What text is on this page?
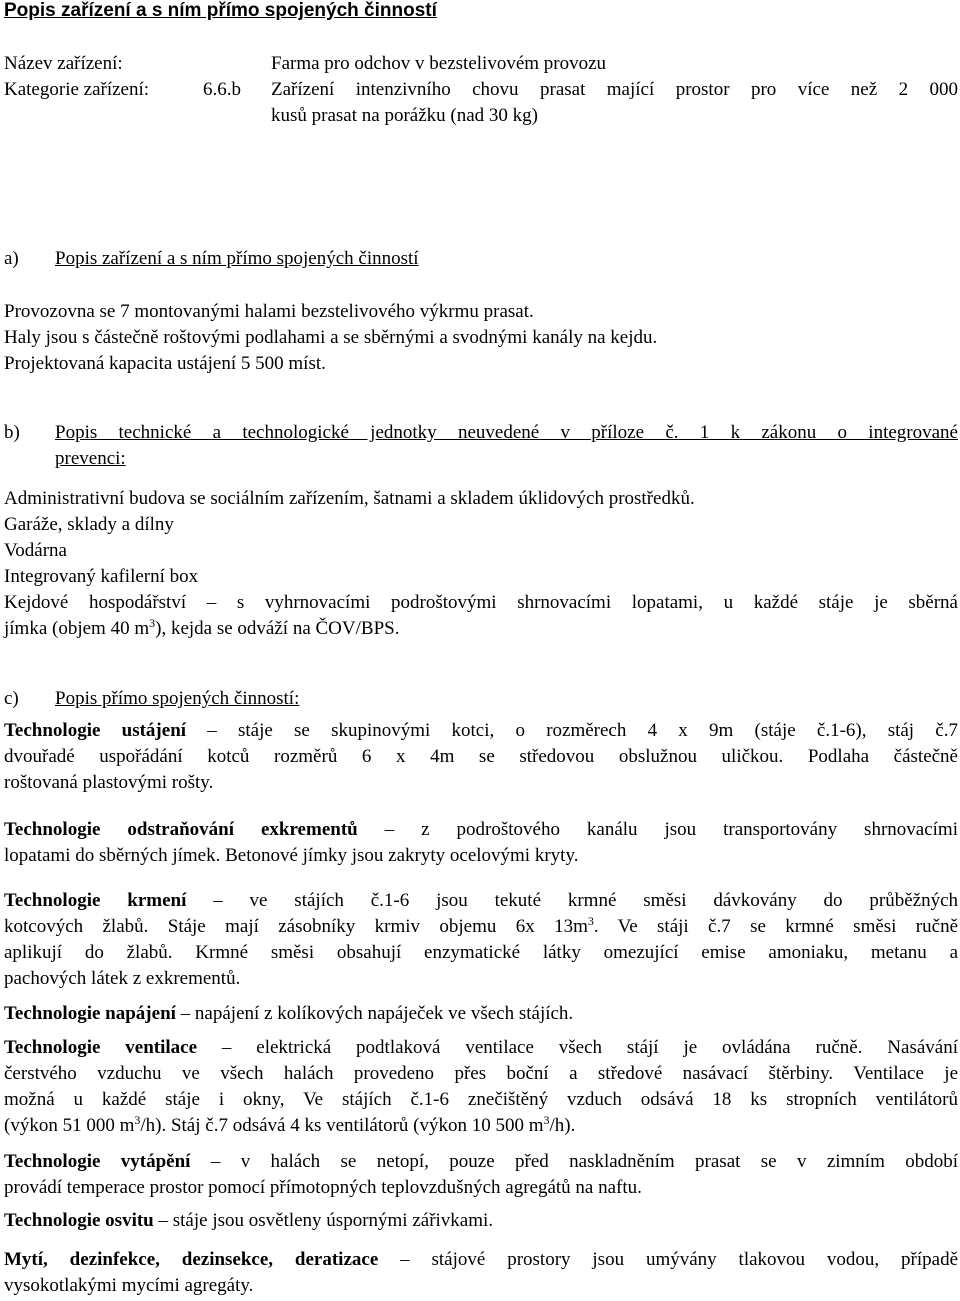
Popis zařízení a s ním přímo spojených činností
Název zařízení:	Farma pro odchov v bezstelivovém provozu
Kategorie zařízení:	6.6.b Zařízení intenzivního chovu prasat mající prostor pro více než 2 000
kusů prasat na porážku (nad 30 kg)
a) Popis zařízení a s ním přímo spojených činností
Provozovna se 7 montovanými halami bezstelivového výkrmu prasat.
Haly jsou s částečně roštovými podlahami a se sběrnými a svodnými kanály na kejdu.
Projektovaná kapacita ustájení 5 500 míst.
b) Popis technické a technologické jednotky neuvedené v příloze č. 1 k zákonu o integrované
prevenci:
Administrativní budova se sociálním zařízením, šatnami a skladem úklidových prostředků.
Garáže, sklady a dílny
Vodárna
Integrovaný kafilerní box
Kejdové hospodářství – s vyhrnovacími podroštovými shrnovacími lopatami, u každé stáje je sběrná
jímka (objem 40 $m^3$), kejda se odváží na ČOV/BPS.
c) Popis přímo spojených činností:
Technologie ustájení – stáje se skupinovými kotci, o rozměrech 4 x 9m (stáje č.1-6), stáj č.7
dvouřadé uspořádání kotců rozměrů 6 x 4m se středovou obslužnou uličkou. Podlaha částečně
roštovaná plastovými rošty.
Technologie odstraňování exkrementů – z podroštového kanálu jsou transportovány shrnovacími
lopatami do sběrných jímek. Betonové jímky jsou zakryty ocelovými kryty.
Technologie krmení – ve stájích č.1-6 jsou tekuté krmné směsi dávkovány do průběžných
kotcových žlabů. Stáje mají zásobníky krmiv objemu 6x $13m^3$. Ve stáji č.7 se krmné směsi ručně
aplikují do žlabů. Krmné směsi obsahují enzymatické látky omezující emise amoniaku, metanu a
pachových látek z exkrementů.
Technologie napájení – napájení z kolíkových napáječek ve všech stájích.
Technologie ventilace – elektrická podtlaková ventilace všech stájí je ovládána ručně. Nasávání
čerstvého vzduchu ve všech halách provedeno přes boční a středové nasávací štěrbiny. Ventilace je
možná u každé stáje i okny, Ve stájích č.1-6 znečištěný vzduch odsává 18 ks stropních ventilátorů
(výkon 51 000 $m^3/h$). Stáj č.7 odsává 4 ks ventilátorů (výkon 10 500 $m^3/h$).
Technologie vytápění – v halách se netopí, pouze před naskladněním prasat se v zimním období
provádí temperace prostor pomocí přímotopných teplovzdušných agregátů na naftu.
Technologie osvitu – stáje jsou osvětleny úspornými zářivkami.
Mytí, dezinfekce, dezinsekce, deratizace – stájové prostory jsou umývány tlakovou vodou, případě
vysokotlakými mycími agregáty.
